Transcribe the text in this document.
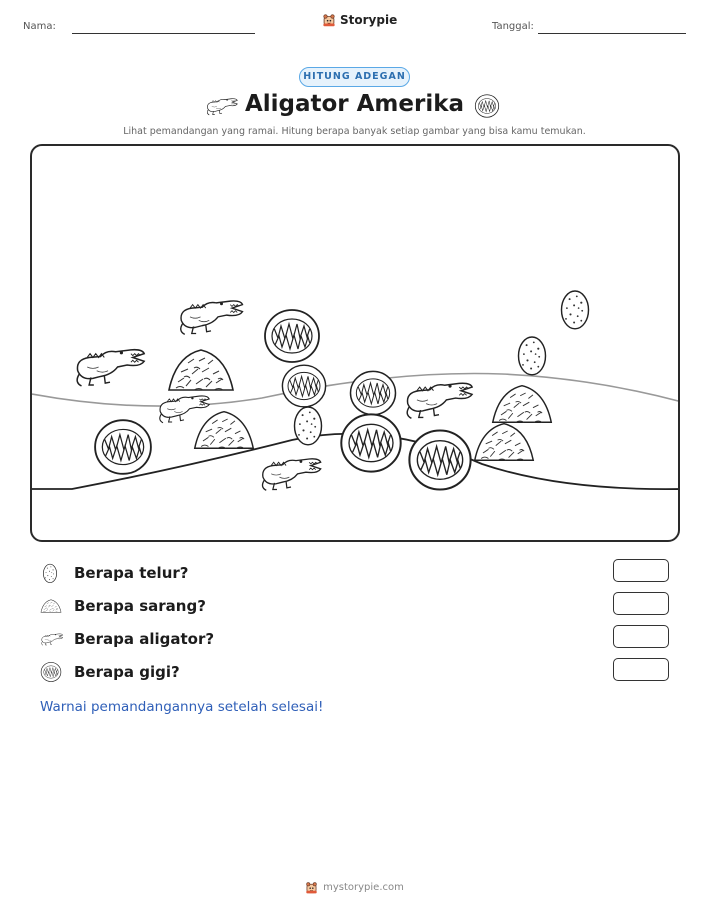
Nama:	Storypie	Tanggal:
HITUNG ADEGAN
Aligator Amerika
Lihat pemandangan yang ramai. Hitung berapa banyak setiap gambar yang bisa kamu temukan.
Berapa telur?
Berapa sarang?
Berapa aligator?
Berapa gigi?
Warnai pemandangannya setelah selesai!
mystorypie.com
